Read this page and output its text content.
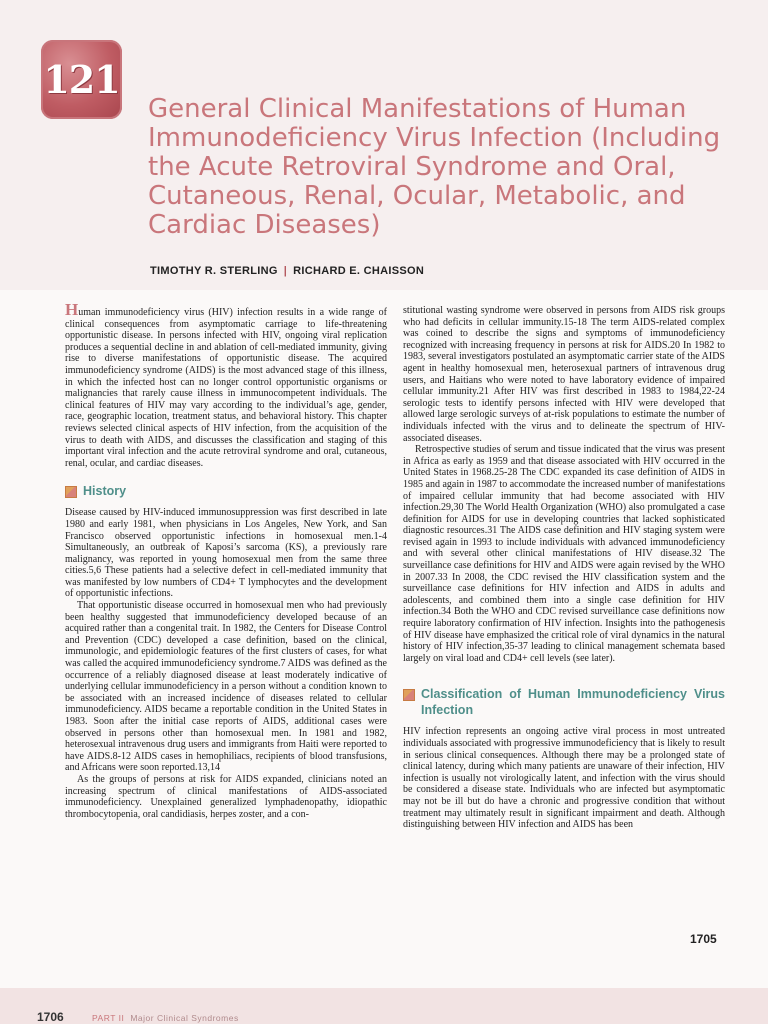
121
General Clinical Manifestations of Human Immunodeficiency Virus Infection (Including the Acute Retroviral Syndrome and Oral, Cutaneous, Renal, Ocular, Metabolic, and Cardiac Diseases)
TIMOTHY R. STERLING | RICHARD E. CHAISSON

Human immunodeficiency virus (HIV) infection results in a wide range of clinical consequences from asymptomatic carriage to life-threatening opportunistic disease. In persons infected with HIV, ongoing viral replication produces a sequential decline in and ablation of cell-mediated immunity, giving rise to diverse manifestations of opportunistic disease. The acquired immunodeficiency syndrome (AIDS) is the most advanced stage of this illness, in which the infected host can no longer control opportunistic organisms or malignancies that rarely cause illness in immunocompetent individuals. The clinical features of HIV may vary according to the individual’s age, gender, race, geographic location, treatment status, and behavioral history. This chapter reviews selected clinical aspects of HIV infection, from the acquisition of the virus to death with AIDS, and discusses the classification and staging of this important viral infection and the acute retroviral syndrome and oral, cutaneous, renal, ocular, and cardiac diseases.

History

Disease caused by HIV-induced immunosuppression was first described in late 1980 and early 1981, when physicians in Los Angeles, New York, and San Francisco observed opportunistic infections in homosexual men.1-4 Simultaneously, an outbreak of Kaposi’s sarcoma (KS), a previously rare malignancy, was reported in young homosexual men from the same three cities.5,6 These patients had a selective defect in cell-mediated immunity that was manifested by low numbers of CD4+ T lymphocytes and the development of opportunistic infections.

That opportunistic disease occurred in homosexual men who had previously been healthy suggested that immunodeficiency developed because of an acquired rather than a congenital trait. In 1982, the Centers for Disease Control and Prevention (CDC) developed a case definition, based on the clinical, immunologic, and epidemiologic features of the first clusters of cases, for what was called the acquired immunodeficiency syndrome.7 AIDS was defined as the occurrence of a reliably diagnosed disease at least moderately indicative of underlying cellular immunodeficiency in a person without a condition known to be associated with an increased incidence of diseases related to cellular immunodeficiency. AIDS became a reportable condition in the United States in 1983. Soon after the initial case reports of AIDS, additional cases were observed in persons other than homosexual men. In 1981 and 1982, heterosexual intravenous drug users and immigrants from Haiti were reported to have AIDS.8-12 AIDS cases in hemophiliacs, recipients of blood transfusions, and Africans were soon reported.13,14

As the groups of persons at risk for AIDS expanded, clinicians noted an increasing spectrum of clinical manifestations of AIDS-associated immunodeficiency. Unexplained generalized lymphadenopathy, idiopathic thrombocytopenia, oral candidiasis, herpes zoster, and a con-

stitutional wasting syndrome were observed in persons from AIDS risk groups who had deficits in cellular immunity.15-18 The term AIDS-related complex was coined to describe the signs and symptoms of immunodeficiency recognized with increasing frequency in persons at risk for AIDS.20 In 1982 to 1983, several investigators postulated an asymptomatic carrier state of the AIDS agent in healthy homosexual men, heterosexual partners of intravenous drug users, and Haitians who were noted to have laboratory evidence of impaired cellular immunity.21 After HIV was first described in 1983 to 1984,22-24 serologic tests to identify persons infected with HIV were developed that allowed large serologic surveys of at-risk populations to estimate the number of individuals infected with the virus and to delineate the spectrum of HIV-associated diseases.

Retrospective studies of serum and tissue indicated that the virus was present in Africa as early as 1959 and that disease associated with HIV occurred in the United States in 1968.25-28 The CDC expanded its case definition of AIDS in 1985 and again in 1987 to accommodate the increased number of manifestations of impaired cellular immunity that had become associated with HIV infection.29,30 The World Health Organization (WHO) also promulgated a case definition for AIDS for use in developing countries that lacked sophisticated diagnostic resources.31 The AIDS case definition and HIV staging system were revised again in 1993 to include individuals with advanced immunodeficiency and with several other clinical manifestations of HIV disease.32 The surveillance case definitions for HIV and AIDS were again revised by the WHO in 2007.33 In 2008, the CDC revised the HIV classification system and the surveillance case definitions for HIV infection and AIDS in adults and adolescents, and combined them into a single case definition for HIV infection.34 Both the WHO and CDC revised surveillance case definitions now require laboratory confirmation of HIV infection. Insights into the pathogenesis of HIV disease have emphasized the critical role of viral dynamics in the natural history of HIV infection,35-37 leading to clinical management schemata based largely on viral load and CD4+ cell levels (see later).

Classification of Human Immunodeficiency Virus Infection

HIV infection represents an ongoing active viral process in most untreated individuals associated with progressive immunodeficiency that is likely to result in serious clinical consequences. Although there may be a prolonged state of clinical latency, during which many patients are unaware of their infection, HIV infection is usually not virologically latent, and infection with the virus should be considered a disease state. Individuals who are infected but asymptomatic may not be ill but do have a chronic and progressive condition that without treatment may ultimately result in significant impairment and death. Although distinguishing between HIV infection and AIDS has been

1705
1706	PART II Major Clinical Syndromes
